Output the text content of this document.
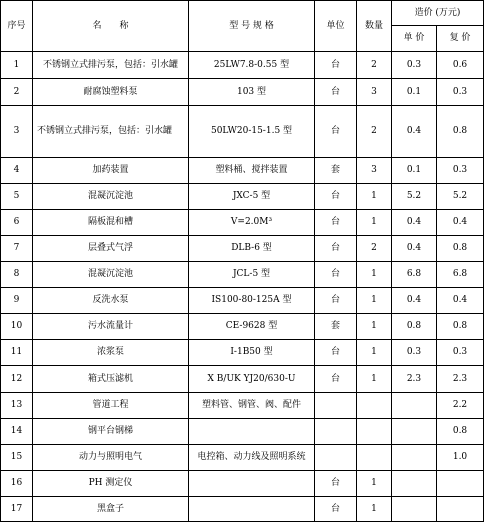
序号	名　　称	型 号 规 格	单位	数量	造价 (万元)	
					单 价	复 价
1	不锈钢立式排污泵，包括：引水罐	25LW7.8-0.55 型	台	2	0.3	0.6
2	耐腐蚀塑料泵	103 型	台	3	0.1	0.3
3	不锈钢立式排污泵，包括：引水罐	50LW20-15-1.5 型	台	2	0.4	0.8
4	加药装置	塑料桶、搅拌装置	套	3	0.1	0.3
5	混凝沉淀池	JXC-5 型	台	1	5.2	5.2
6	隔板混和槽	V=2.0M³	台	1	0.4	0.4
7	层叠式气浮	DLB-6 型	台	2	0.4	0.8
8	混凝沉淀池	JCL-5 型	台	1	6.8	6.8
9	反洗水泵	IS100-80-125A 型	台	1	0.4	0.4
10	污水流量计	CE-9628 型	套	1	0.8	0.8
11	浓浆泵	I-1B50 型	台	1	0.3	0.3
12	箱式压滤机	X B/UK YJ20/630-U	台	1	2.3	2.3
13	管道工程	塑料管、钢管、阀、配件				2.2
14	钢平台钢梯					0.8
15	动力与照明电气	电控箱、动力线及照明系统				1.0
16	PH 测定仪		台	1		
17	黑盒子		台	1		
